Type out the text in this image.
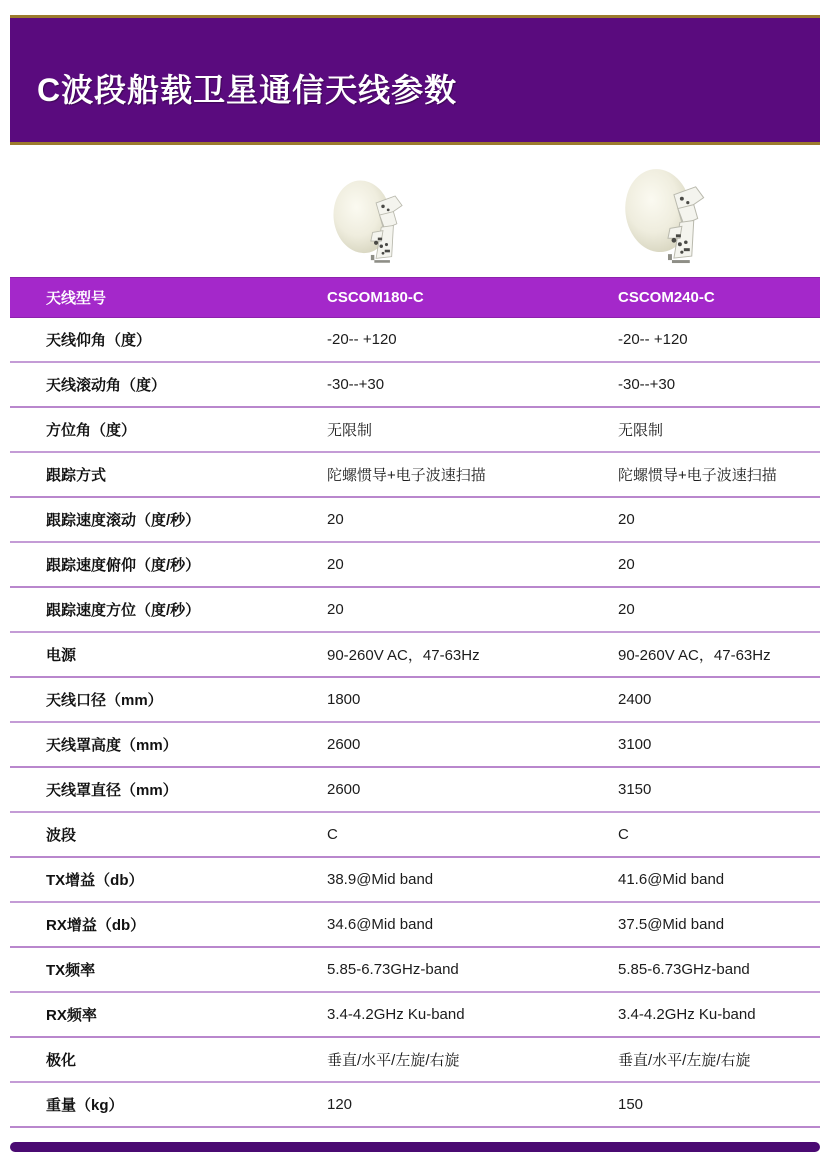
C波段船载卫星通信天线参数
天线型号	CSCOM180-C	CSCOM240-C
天线仰角（度）	-20-- +120	-20-- +120
天线滚动角（度）	-30--+30	-30--+30
方位角（度）	无限制	无限制
跟踪方式	陀螺惯导+电子波速扫描	陀螺惯导+电子波速扫描
跟踪速度滚动（度/秒）	20	20
跟踪速度俯仰（度/秒）	20	20
跟踪速度方位（度/秒）	20	20
电源	90-260V AC，47-63Hz	90-260V AC，47-63Hz
天线口径（mm）	1800	2400
天线罩高度（mm）	2600	3100
天线罩直径（mm）	2600	3150
波段	C	C
TX增益（db）	38.9@Mid band	41.6@Mid band
RX增益（db）	34.6@Mid band	37.5@Mid band
TX频率	5.85-6.73GHz-band	5.85-6.73GHz-band
RX频率	3.4-4.2GHz Ku-band	3.4-4.2GHz Ku-band
极化	垂直/水平/左旋/右旋	垂直/水平/左旋/右旋
重量（kg）	120	150
